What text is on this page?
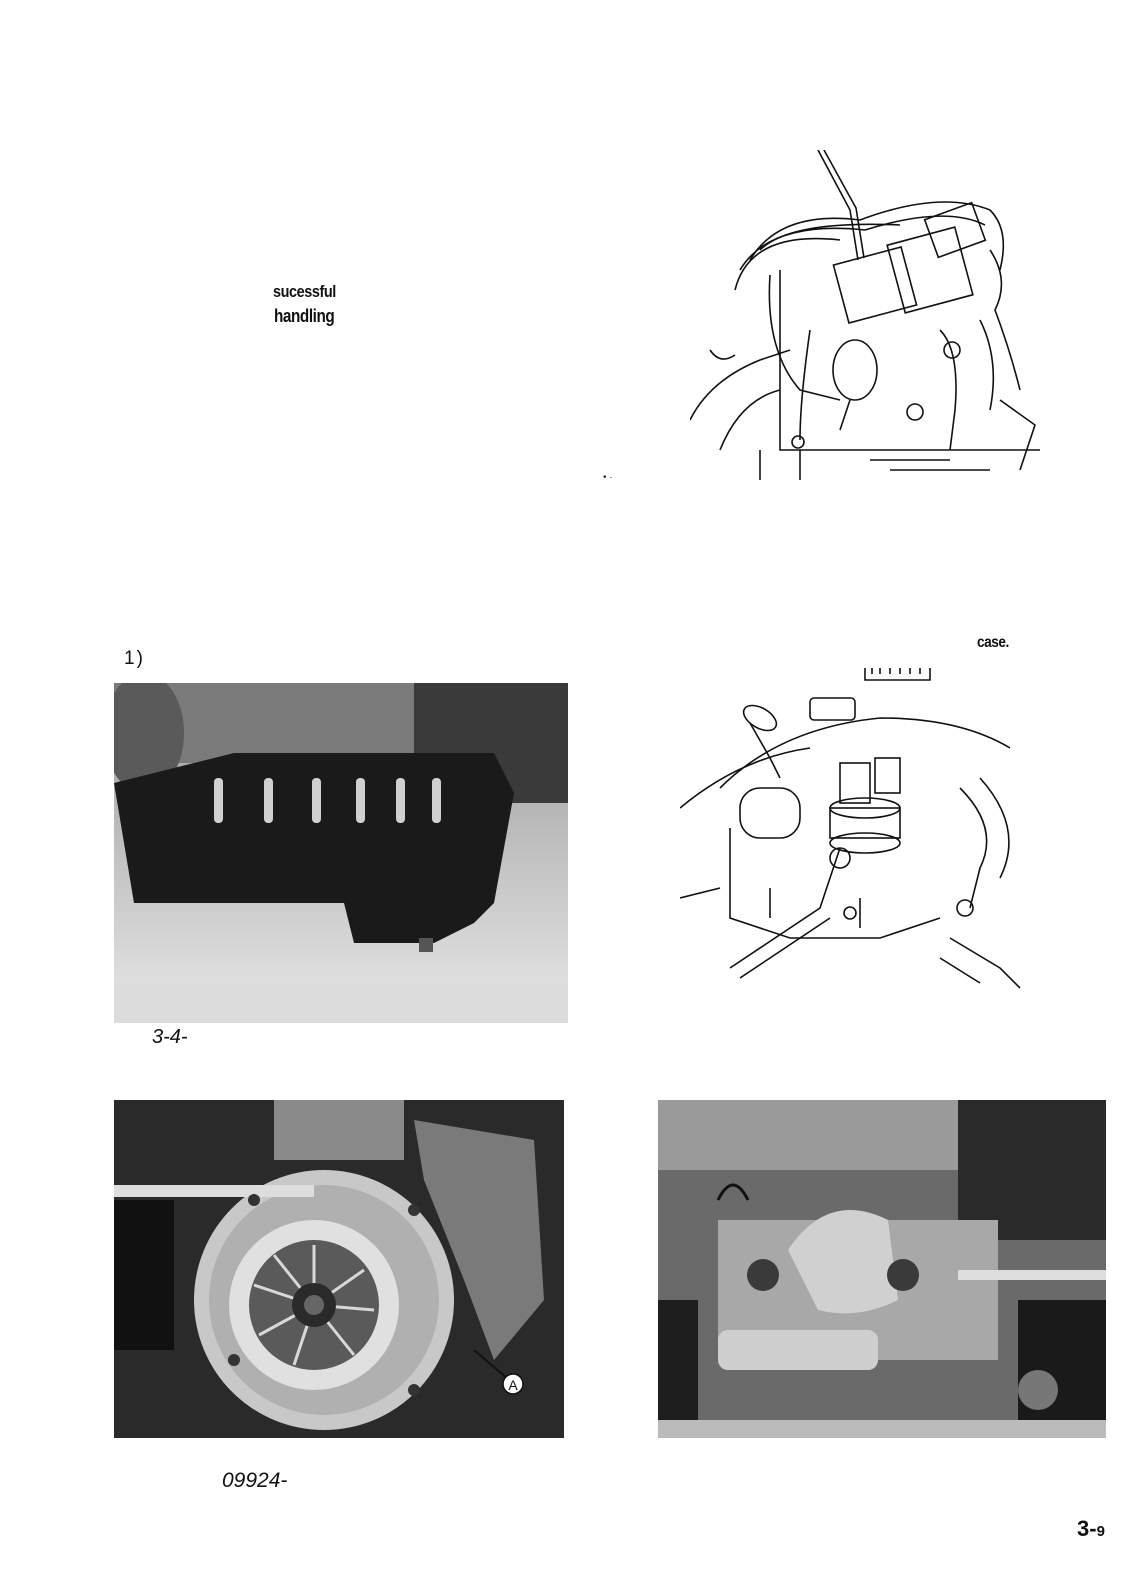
sucessful
handling
1)
case.
3-4-
09924-
3-9
• ·
A
